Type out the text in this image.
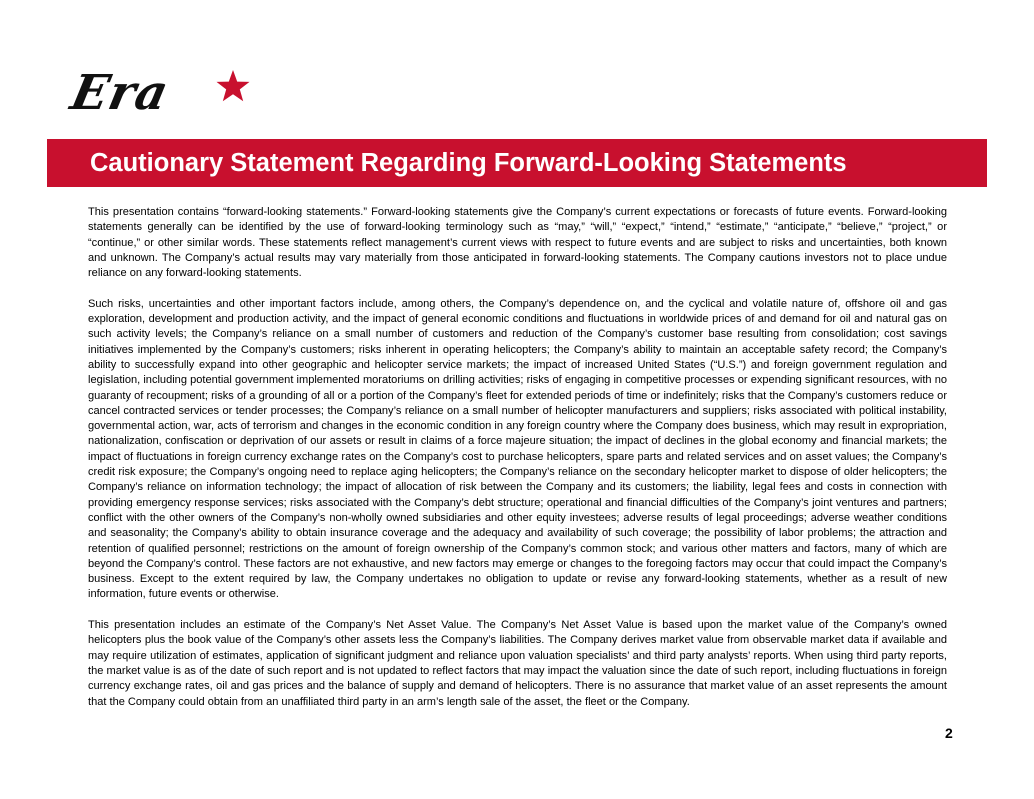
Era
Cautionary Statement Regarding Forward-Looking Statements

This presentation contains “forward-looking statements.” Forward-looking statements give the Company’s current expectations or forecasts of future events. Forward-looking statements generally can be identified by the use of forward-looking terminology such as “may,” “will,” “expect,” “intend,” “estimate,” “anticipate,” “believe,” “project,” or “continue,” or other similar words. These statements reflect management’s current views with respect to future events and are subject to risks and uncertainties, both known and unknown. The Company’s actual results may vary materially from those anticipated in forward-looking statements. The Company cautions investors not to place undue reliance on any forward-looking statements.

Such risks, uncertainties and other important factors include, among others, the Company’s dependence on, and the cyclical and volatile nature of, offshore oil and gas exploration, development and production activity, and the impact of general economic conditions and fluctuations in worldwide prices of and demand for oil and natural gas on such activity levels; the Company’s reliance on a small number of customers and reduction of the Company’s customer base resulting from consolidation; cost savings initiatives implemented by the Company’s customers; risks inherent in operating helicopters; the Company’s ability to maintain an acceptable safety record; the Company’s ability to successfully expand into other geographic and helicopter service markets; the impact of increased United States (“U.S.”) and foreign government regulation and legislation, including potential government implemented moratoriums on drilling activities; risks of engaging in competitive processes or expending significant resources, with no guaranty of recoupment; risks of a grounding of all or a portion of the Company’s fleet for extended periods of time or indefinitely; risks that the Company’s customers reduce or cancel contracted services or tender processes; the Company’s reliance on a small number of helicopter manufacturers and suppliers; risks associated with political instability, governmental action, war, acts of terrorism and changes in the economic condition in any foreign country where the Company does business, which may result in expropriation, nationalization, confiscation or deprivation of our assets or result in claims of a force majeure situation; the impact of declines in the global economy and financial markets; the impact of fluctuations in foreign currency exchange rates on the Company’s cost to purchase helicopters, spare parts and related services and on asset values; the Company’s credit risk exposure; the Company’s ongoing need to replace aging helicopters; the Company’s reliance on the secondary helicopter market to dispose of older helicopters; the Company’s reliance on information technology; the impact of allocation of risk between the Company and its customers; the liability, legal fees and costs in connection with providing emergency response services; risks associated with the Company’s debt structure; operational and financial difficulties of the Company’s joint ventures and partners; conflict with the other owners of the Company’s non-wholly owned subsidiaries and other equity investees; adverse results of legal proceedings; adverse weather conditions and seasonality; the Company’s ability to obtain insurance coverage and the adequacy and availability of such coverage; the possibility of labor problems; the attraction and retention of qualified personnel; restrictions on the amount of foreign ownership of the Company’s common stock; and various other matters and factors, many of which are beyond the Company’s control. These factors are not exhaustive, and new factors may emerge or changes to the foregoing factors may occur that could impact the Company’s business. Except to the extent required by law, the Company undertakes no obligation to update or revise any forward-looking statements, whether as a result of new information, future events or otherwise.

This presentation includes an estimate of the Company’s Net Asset Value. The Company’s Net Asset Value is based upon the market value of the Company’s owned helicopters plus the book value of the Company’s other assets less the Company’s liabilities. The Company derives market value from observable market data if available and may require utilization of estimates, application of significant judgment and reliance upon valuation specialists’ and third party analysts’ reports. When using third party reports, the market value is as of the date of such report and is not updated to reflect factors that may impact the valuation since the date of such report, including fluctuations in foreign currency exchange rates, oil and gas prices and the balance of supply and demand of helicopters. There is no assurance that market value of an asset represents the amount that the Company could obtain from an unaffiliated third party in an arm’s length sale of the asset, the fleet or the Company.

2
